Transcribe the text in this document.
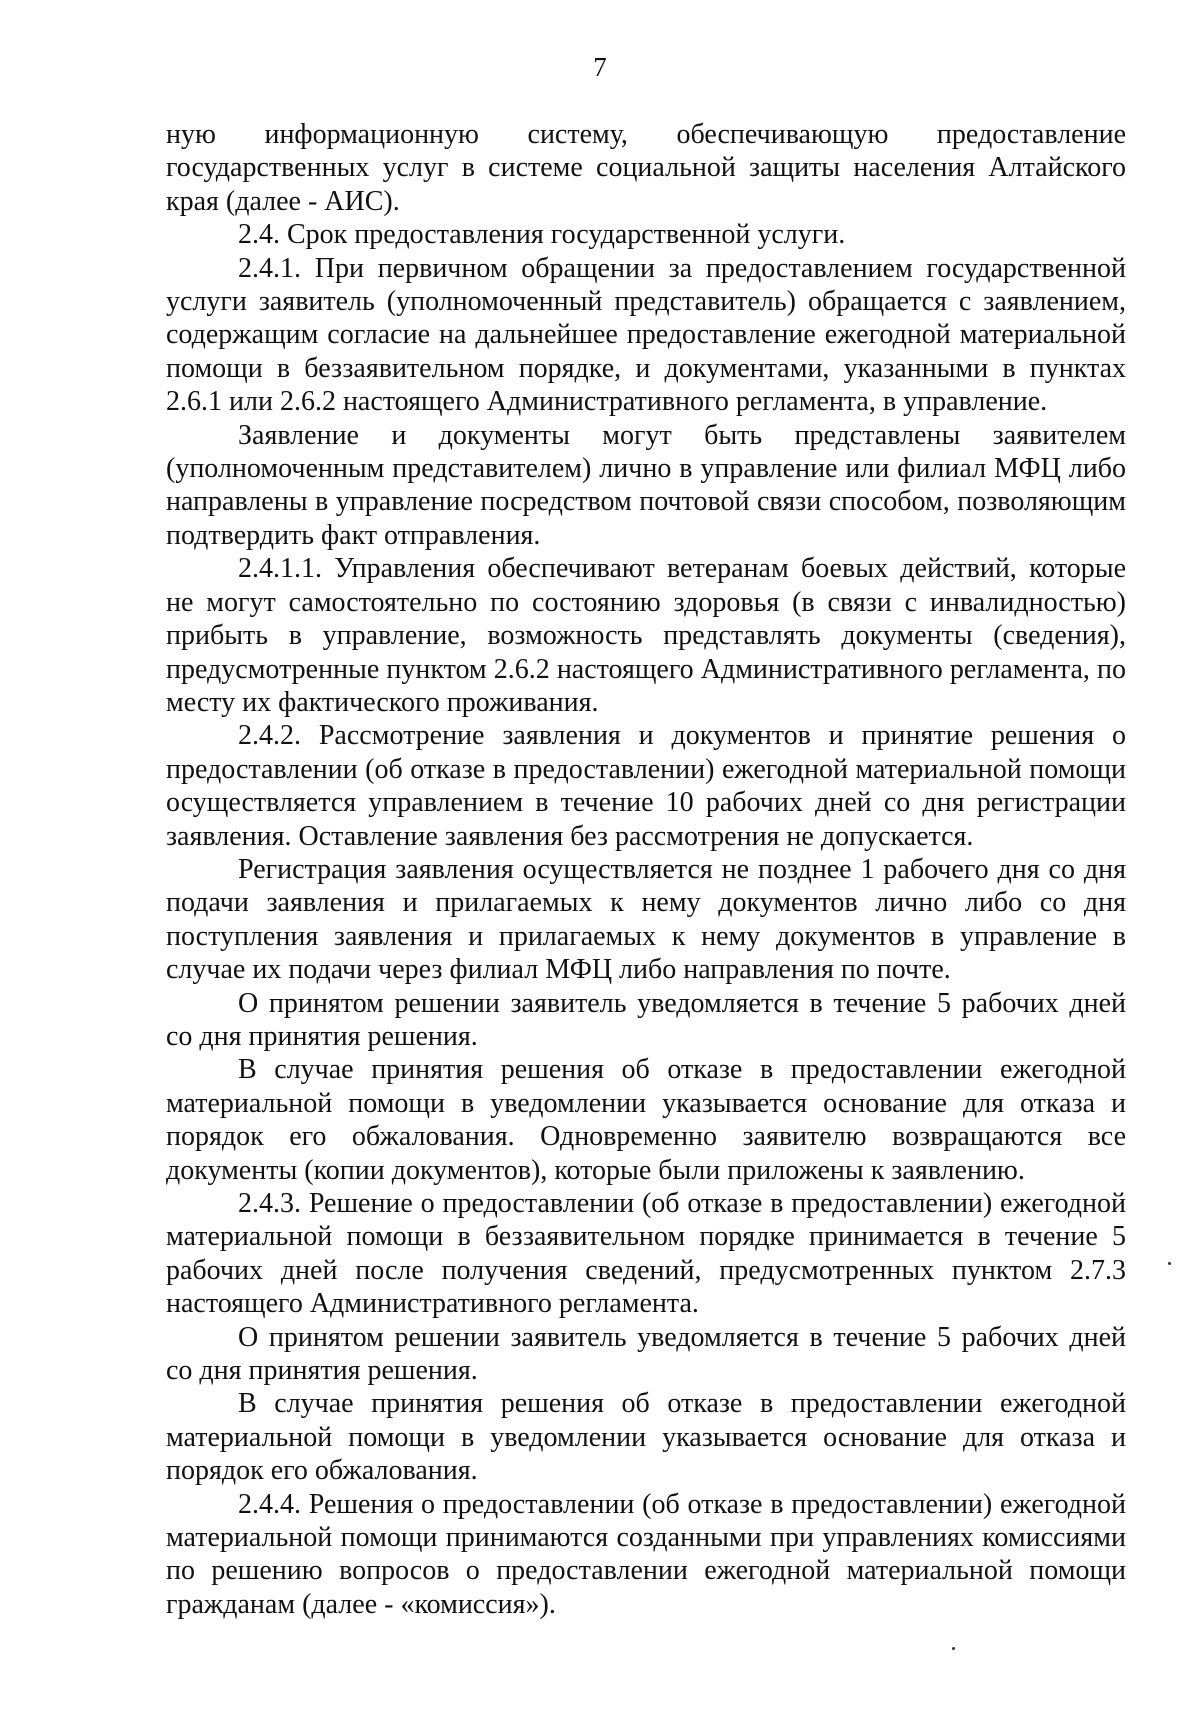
7

ную информационную систему, обеспечивающую предоставление государственных услуг в системе социальной защиты населения Алтайского края (далее - АИС).

2.4. Срок предоставления государственной услуги.

2.4.1. При первичном обращении за предоставлением государственной услуги заявитель (уполномоченный представитель) обращается с заявлением, содержащим согласие на дальнейшее предоставление ежегодной материальной помощи в беззаявительном порядке, и документами, указанными в пунктах 2.6.1 или 2.6.2 настоящего Административного регламента, в управление.

Заявление и документы могут быть представлены заявителем (уполномоченным представителем) лично в управление или филиал МФЦ либо направлены в управление посредством почтовой связи способом, позволяющим подтвердить факт отправления.

2.4.1.1. Управления обеспечивают ветеранам боевых действий, которые не могут самостоятельно по состоянию здоровья (в связи с инвалидностью) прибыть в управление, возможность представлять документы (сведения), предусмотренные пунктом 2.6.2 настоящего Административного регламента, по месту их фактического проживания.

2.4.2. Рассмотрение заявления и документов и принятие решения о предоставлении (об отказе в предоставлении) ежегодной материальной помощи осуществляется управлением в течение 10 рабочих дней со дня регистрации заявления. Оставление заявления без рассмотрения не допускается.

Регистрация заявления осуществляется не позднее 1 рабочего дня со дня подачи заявления и прилагаемых к нему документов лично либо со дня поступления заявления и прилагаемых к нему документов в управление в случае их подачи через филиал МФЦ либо направления по почте.

О принятом решении заявитель уведомляется в течение 5 рабочих дней со дня принятия решения.

В случае принятия решения об отказе в предоставлении ежегодной материальной помощи в уведомлении указывается основание для отказа и порядок его обжалования. Одновременно заявителю возвращаются все документы (копии документов), которые были приложены к заявлению.

2.4.3. Решение о предоставлении (об отказе в предоставлении) ежегодной материальной помощи в беззаявительном порядке принимается в течение 5 рабочих дней после получения сведений, предусмотренных пунктом 2.7.3 настоящего Административного регламента.

О принятом решении заявитель уведомляется в течение 5 рабочих дней со дня принятия решения.

В случае принятия решения об отказе в предоставлении ежегодной материальной помощи в уведомлении указывается основание для отказа и порядок его обжалования.

2.4.4. Решения о предоставлении (об отказе в предоставлении) ежегодной материальной помощи принимаются созданными при управлениях комиссиями по решению вопросов о предоставлении ежегодной материальной помощи гражданам (далее - «комиссия»).
